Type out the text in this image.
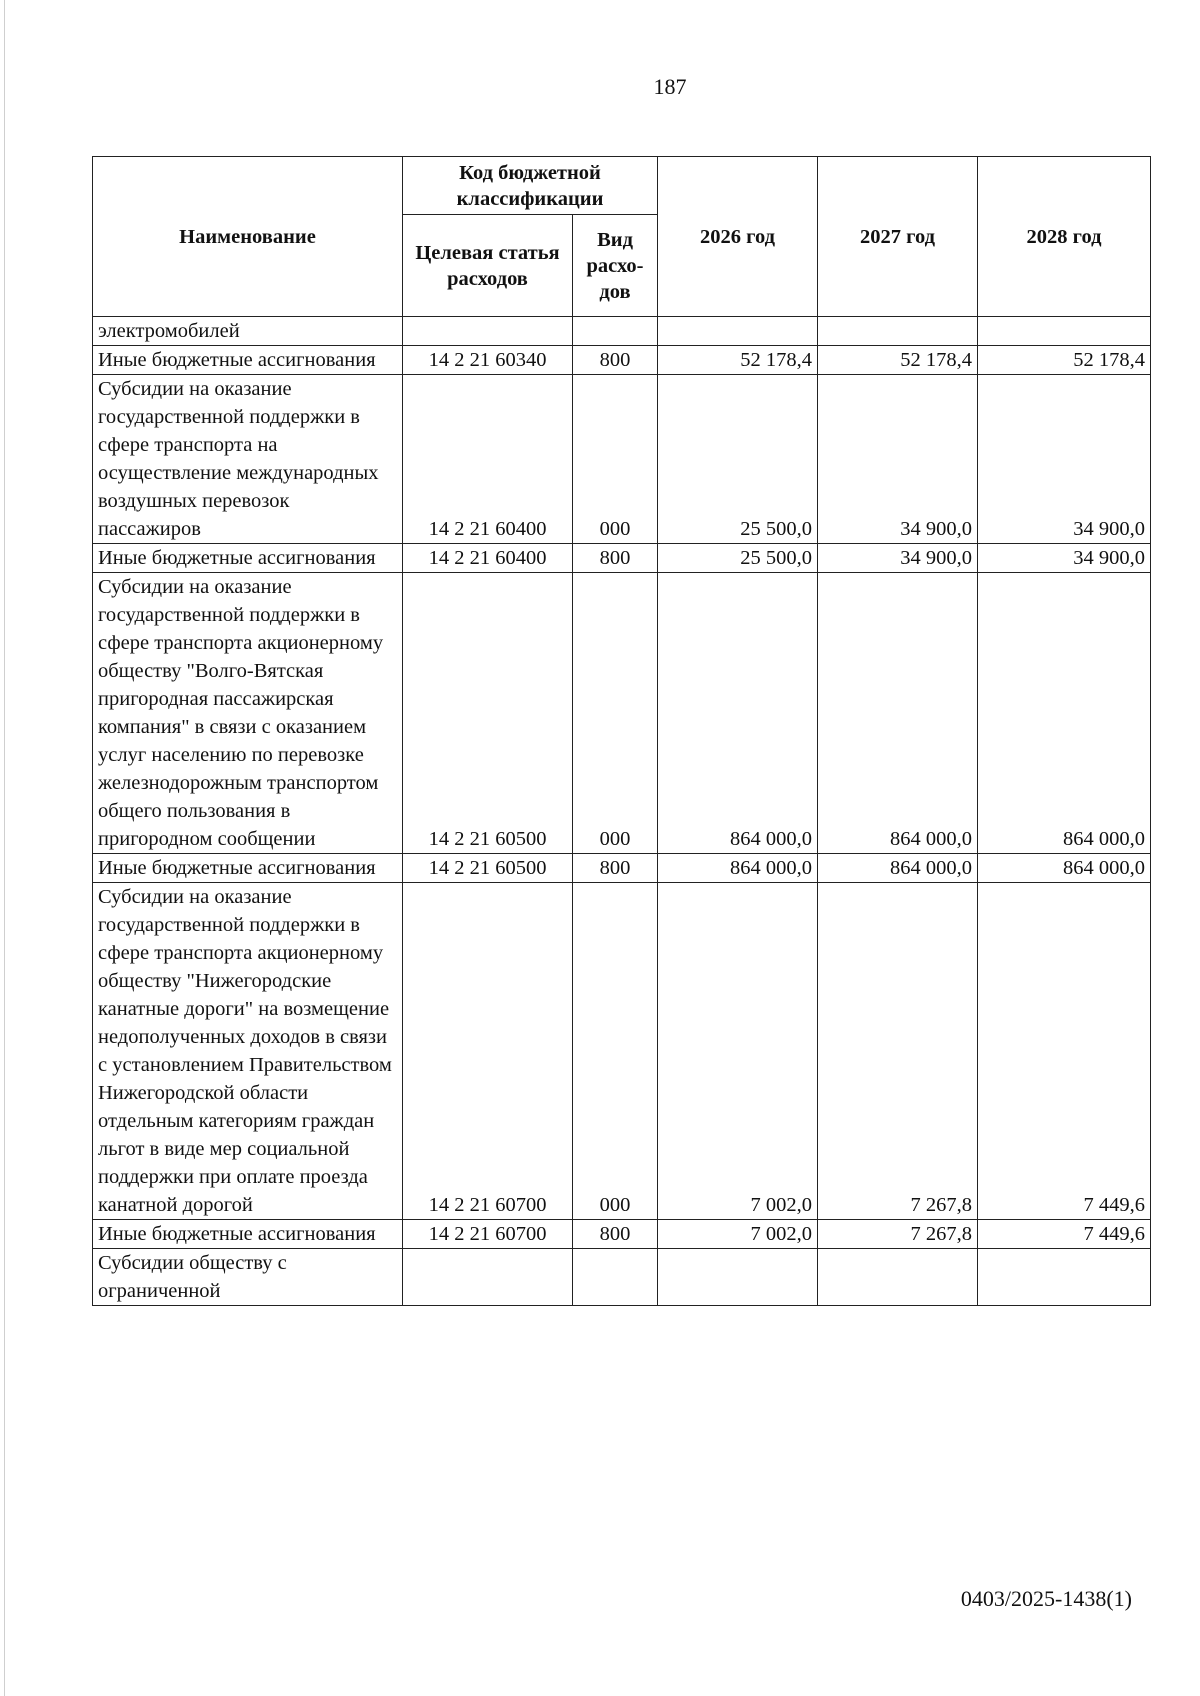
187
Наименование	Код бюджетной классификации		2026 год	2027 год	2028 год
	Целевая статья расходов	Вид расхо-дов			
электромобилей					
Иные бюджетные ассигнования	14 2 21 60340	800	52 178,4	52 178,4	52 178,4
Субсидии на оказание государственной поддержки в сфере транспорта на осуществление международных воздушных перевозок пассажиров	14 2 21 60400	000	25 500,0	34 900,0	34 900,0
Иные бюджетные ассигнования	14 2 21 60400	800	25 500,0	34 900,0	34 900,0
Субсидии на оказание государственной поддержки в сфере транспорта акционерному обществу "Волго-Вятская пригородная пассажирская компания" в связи с оказанием услуг населению по перевозке железнодорожным транспортом общего пользования в пригородном сообщении	14 2 21 60500	000	864 000,0	864 000,0	864 000,0
Иные бюджетные ассигнования	14 2 21 60500	800	864 000,0	864 000,0	864 000,0
Субсидии на оказание государственной поддержки в сфере транспорта акционерному обществу "Нижегородские канатные дороги" на возмещение недополученных доходов в связи с установлением Правительством Нижегородской области отдельным категориям граждан льгот в виде мер социальной поддержки при оплате проезда канатной дорогой	14 2 21 60700	000	7 002,0	7 267,8	7 449,6
Иные бюджетные ассигнования	14 2 21 60700	800	7 002,0	7 267,8	7 449,6
Субсидии обществу с ограниченной					
0403/2025-1438(1)
